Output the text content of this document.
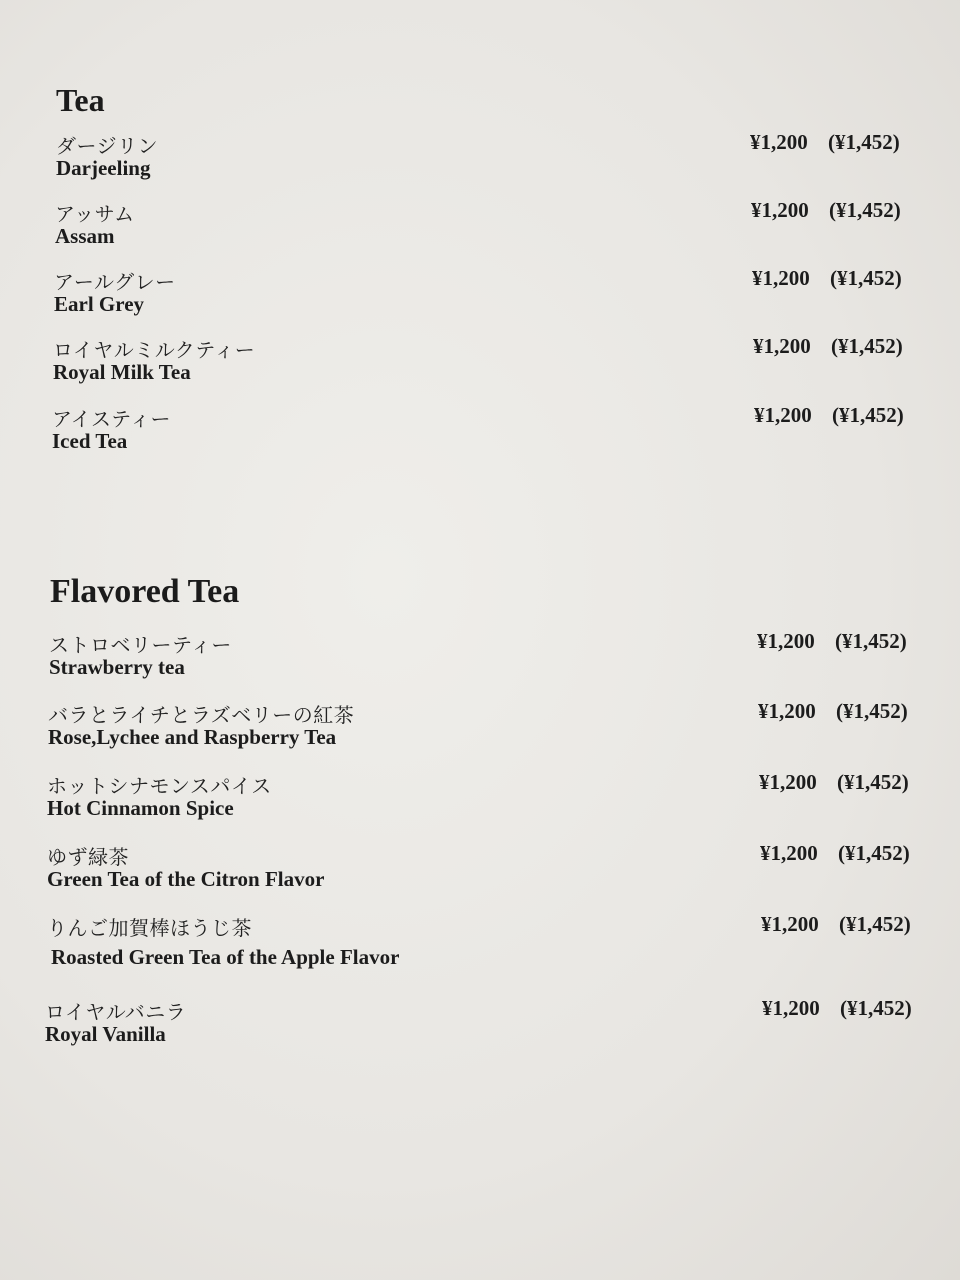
Tea
ダージリン
Darjeeling
¥1,200 (¥1,452)
アッサム
Assam
¥1,200 (¥1,452)
アールグレー
Earl Grey
¥1,200 (¥1,452)
ロイヤルミルクティー
Royal Milk Tea
¥1,200 (¥1,452)
アイスティー
Iced Tea
¥1,200 (¥1,452)
Flavored Tea
ストロベリーティー
Strawberry tea
¥1,200 (¥1,452)
バラとライチとラズベリーの紅茶
Rose,Lychee and Raspberry Tea
¥1,200 (¥1,452)
ホットシナモンスパイス
Hot Cinnamon Spice
¥1,200 (¥1,452)
ゆず緑茶
Green Tea of the Citron Flavor
¥1,200 (¥1,452)
りんご加賀棒ほうじ茶
Roasted Green Tea of the Apple Flavor
¥1,200 (¥1,452)
ロイヤルバニラ
Royal Vanilla
¥1,200 (¥1,452)
